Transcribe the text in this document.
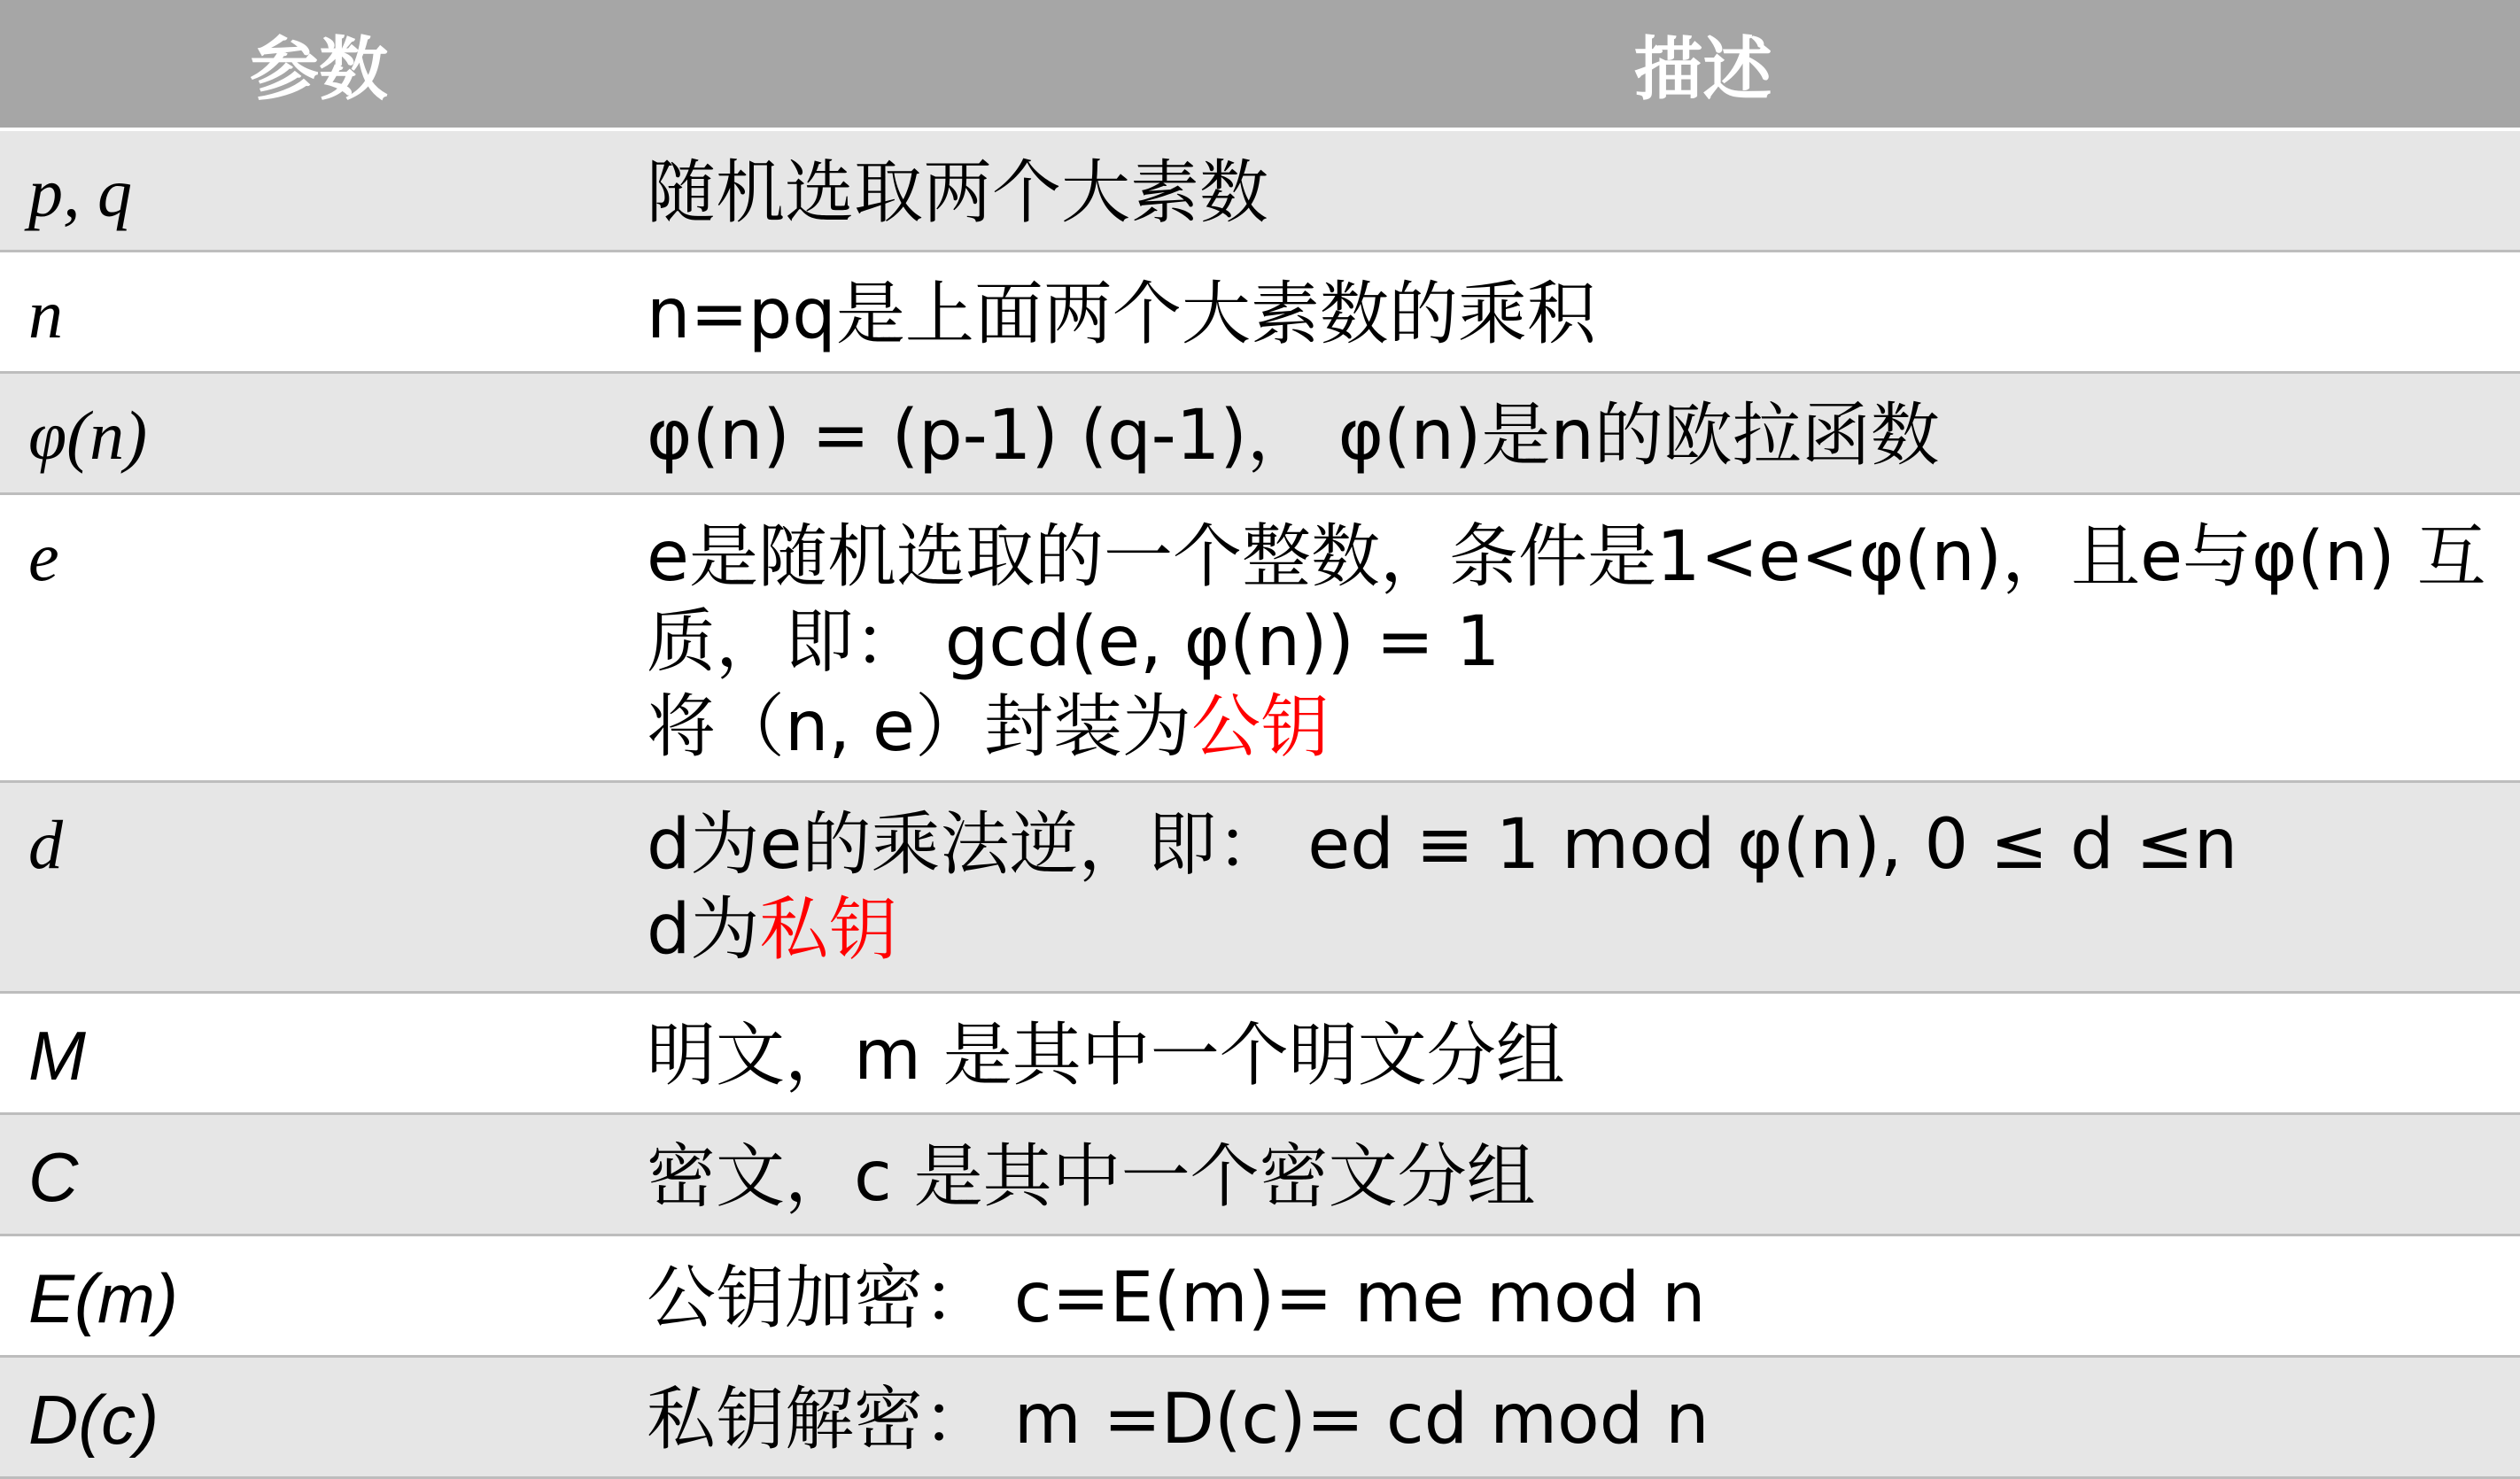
参数	描述
p, q	随机选取两个大素数

n	n=pq是上面两个大素数的乘积

φ(n)	φ(n) = (p-1) (q-1)， φ(n)是n的欧拉函数

e	e是随机选取的一个整数，条件是1<e<φ(n)，且e与φ(n) 互
质，即： gcd(e, φ(n)) = 1
将（n, e）封装为公钥

d	d为e的乘法逆，即： ed ≡ 1 mod φ(n), 0 ≤ d ≤n
d为私钥

M	明文，m 是其中一个明文分组

C	密文，c 是其中一个密文分组

E(m)	公钥加密： c=E(m)= me mod n

D(c)	私钥解密： m =D(c)= cd mod n
